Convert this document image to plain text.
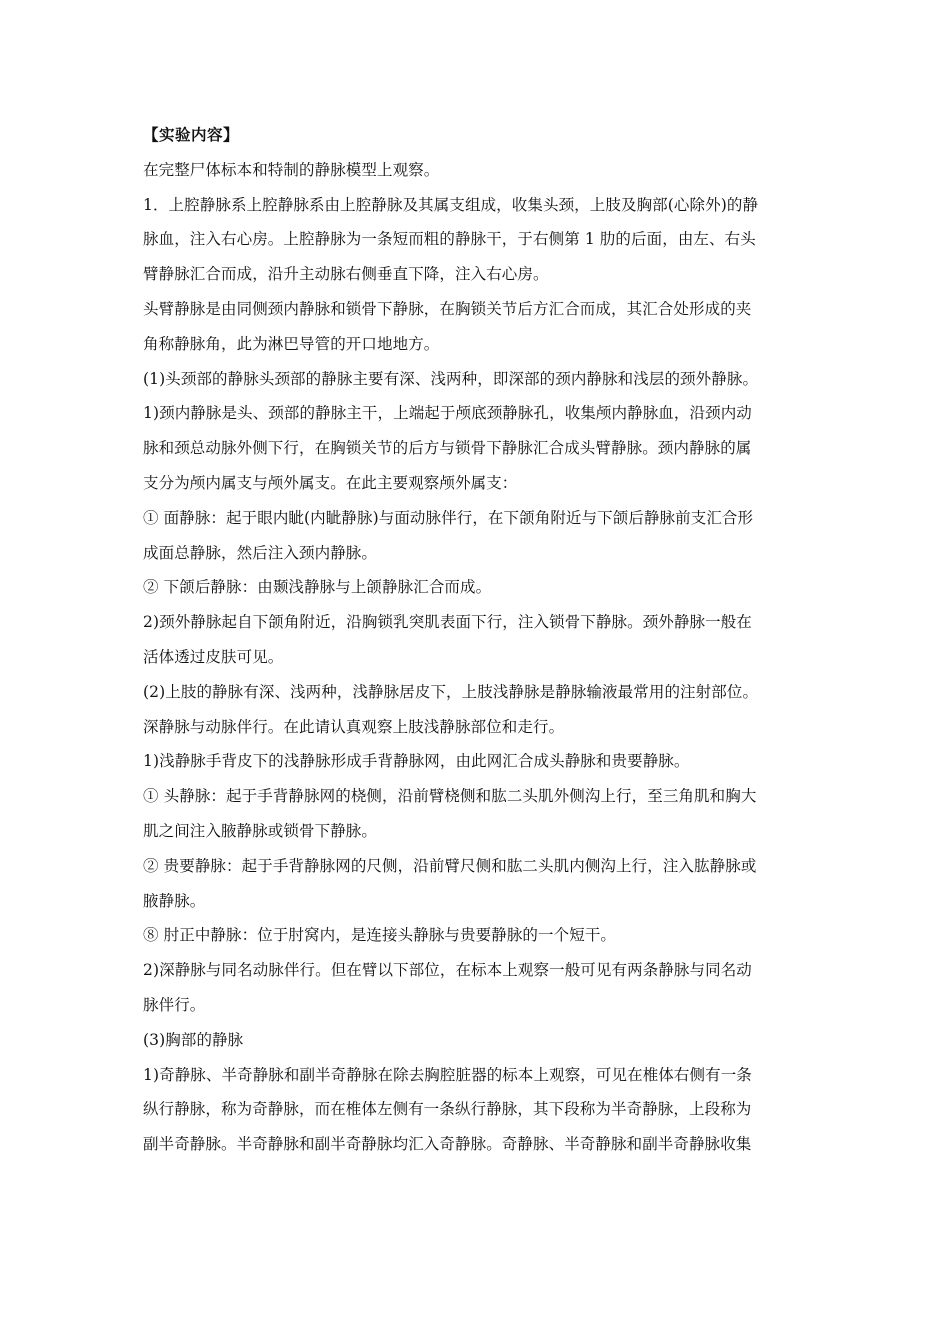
【实验内容】
在完整尸体标本和特制的静脉模型上观察。
1．上腔静脉系上腔静脉系由上腔静脉及其属支组成，收集头颈，上肢及胸部(心除外)的静
脉血，注入右心房。上腔静脉为一条短而粗的静脉干，于右侧第 1 肋的后面，由左、右头
臂静脉汇合而成，沿升主动脉右侧垂直下降，注入右心房。
头臂静脉是由同侧颈内静脉和锁骨下静脉，在胸锁关节后方汇合而成，其汇合处形成的夹
角称静脉角，此为淋巴导管的开口地地方。
(1)头颈部的静脉头颈部的静脉主要有深、浅两种，即深部的颈内静脉和浅层的颈外静脉。
1)颈内静脉是头、颈部的静脉主干，上端起于颅底颈静脉孔，收集颅内静脉血，沿颈内动
脉和颈总动脉外侧下行，在胸锁关节的后方与锁骨下静脉汇合成头臂静脉。颈内静脉的属
支分为颅内属支与颅外属支。在此主要观察颅外属支：
① 面静脉：起于眼内眦(内眦静脉)与面动脉伴行，在下颌角附近与下颌后静脉前支汇合形
成面总静脉，然后注入颈内静脉。
② 下颌后静脉：由颞浅静脉与上颌静脉汇合而成。
2)颈外静脉起自下颌角附近，沿胸锁乳突肌表面下行，注入锁骨下静脉。颈外静脉一般在
活体透过皮肤可见。
(2)上肢的静脉有深、浅两种，浅静脉居皮下，上肢浅静脉是静脉输液最常用的注射部位。
深静脉与动脉伴行。在此请认真观察上肢浅静脉部位和走行。
1)浅静脉手背皮下的浅静脉形成手背静脉网，由此网汇合成头静脉和贵要静脉。
① 头静脉：起于手背静脉网的桡侧，沿前臂桡侧和肱二头肌外侧沟上行，至三角肌和胸大
肌之间注入腋静脉或锁骨下静脉。
② 贵要静脉：起于手背静脉网的尺侧，沿前臂尺侧和肱二头肌内侧沟上行，注入肱静脉或
腋静脉。
⑧ 肘正中静脉：位于肘窝内，是连接头静脉与贵要静脉的一个短干。
2)深静脉与同名动脉伴行。但在臂以下部位，在标本上观察一般可见有两条静脉与同名动
脉伴行。
(3)胸部的静脉
1)奇静脉、半奇静脉和副半奇静脉在除去胸腔脏器的标本上观察，可见在椎体右侧有一条
纵行静脉，称为奇静脉，而在椎体左侧有一条纵行静脉，其下段称为半奇静脉，上段称为
副半奇静脉。半奇静脉和副半奇静脉均汇入奇静脉。奇静脉、半奇静脉和副半奇静脉收集
